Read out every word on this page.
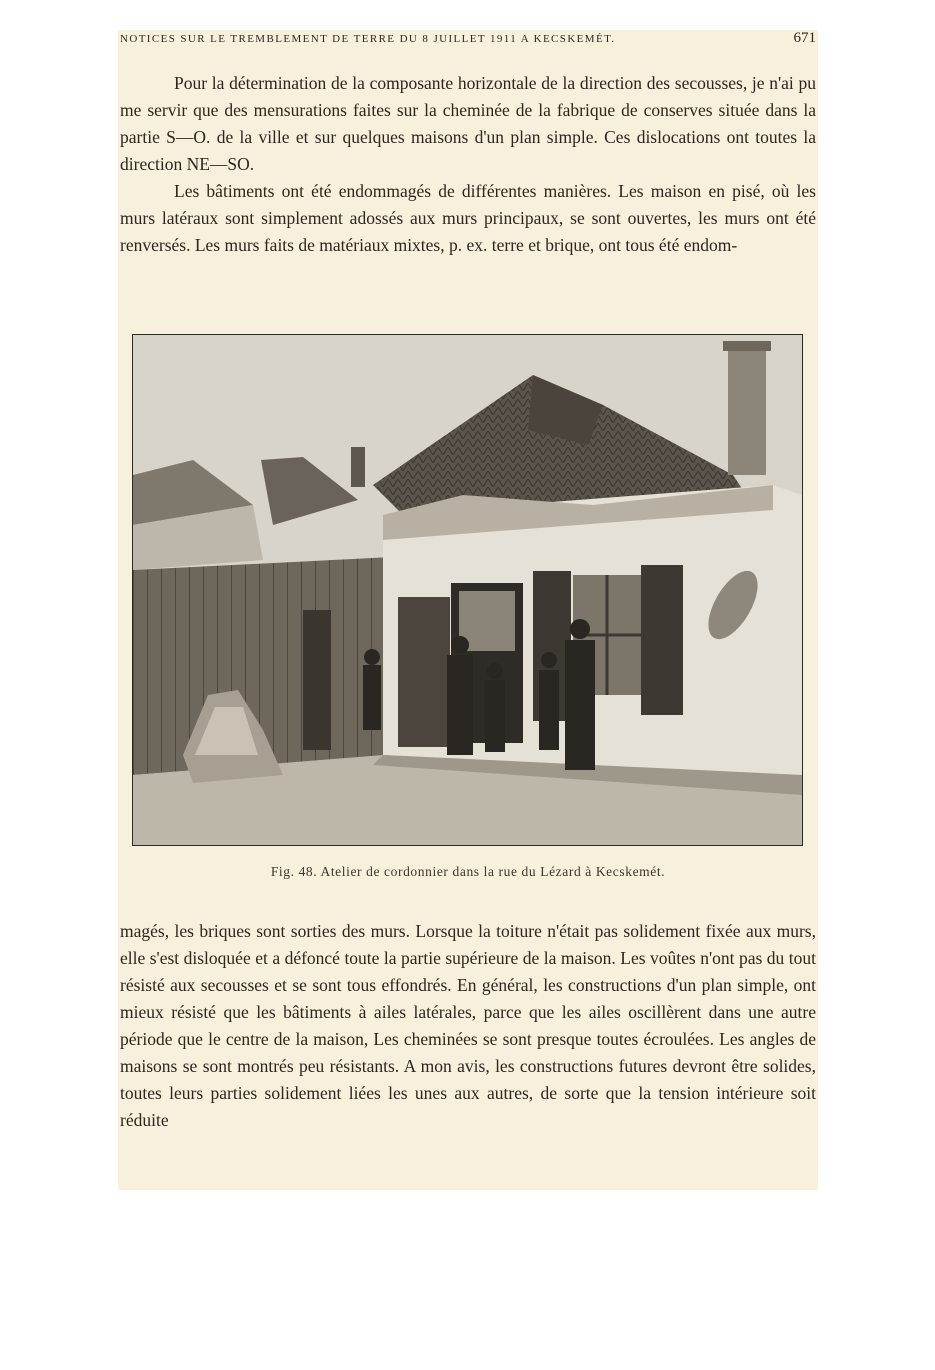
NOTICES SUR LE TREMBLEMENT DE TERRE DU 8 JUILLET 1911 A KECSKEMÉT.	671

Pour la détermination de la composante horizontale de la direction des secousses, je n'ai pu me servir que des mensurations faites sur la cheminée de la fabrique de conserves située dans la partie S—O. de la ville et sur quelques maisons d'un plan simple. Ces dislocations ont toutes la direction NE—SO.

Les bâtiments ont été endommagés de différentes manières. Les maison en pisé, où les murs latéraux sont simplement adossés aux murs principaux, se sont ouvertes, les murs ont été renversés. Les murs faits de matériaux mixtes, p. ex. terre et brique, ont tous été endom-

Fig. 48. Atelier de cordonnier dans la rue du Lézard à Kecskemét.

magés, les briques sont sorties des murs. Lorsque la toiture n'était pas solidement fixée aux murs, elle s'est disloquée et a défoncé toute la partie supérieure de la maison. Les voûtes n'ont pas du tout résisté aux secousses et se sont tous effondrés. En général, les constructions d'un plan simple, ont mieux résisté que les bâtiments à ailes latérales, parce que les ailes oscillèrent dans une autre période que le centre de la maison, Les cheminées se sont presque toutes écroulées. Les angles de maisons se sont montrés peu résistants. A mon avis, les constructions futures devront être solides, toutes leurs parties solidement liées les unes aux autres, de sorte que la tension intérieure soit réduite
